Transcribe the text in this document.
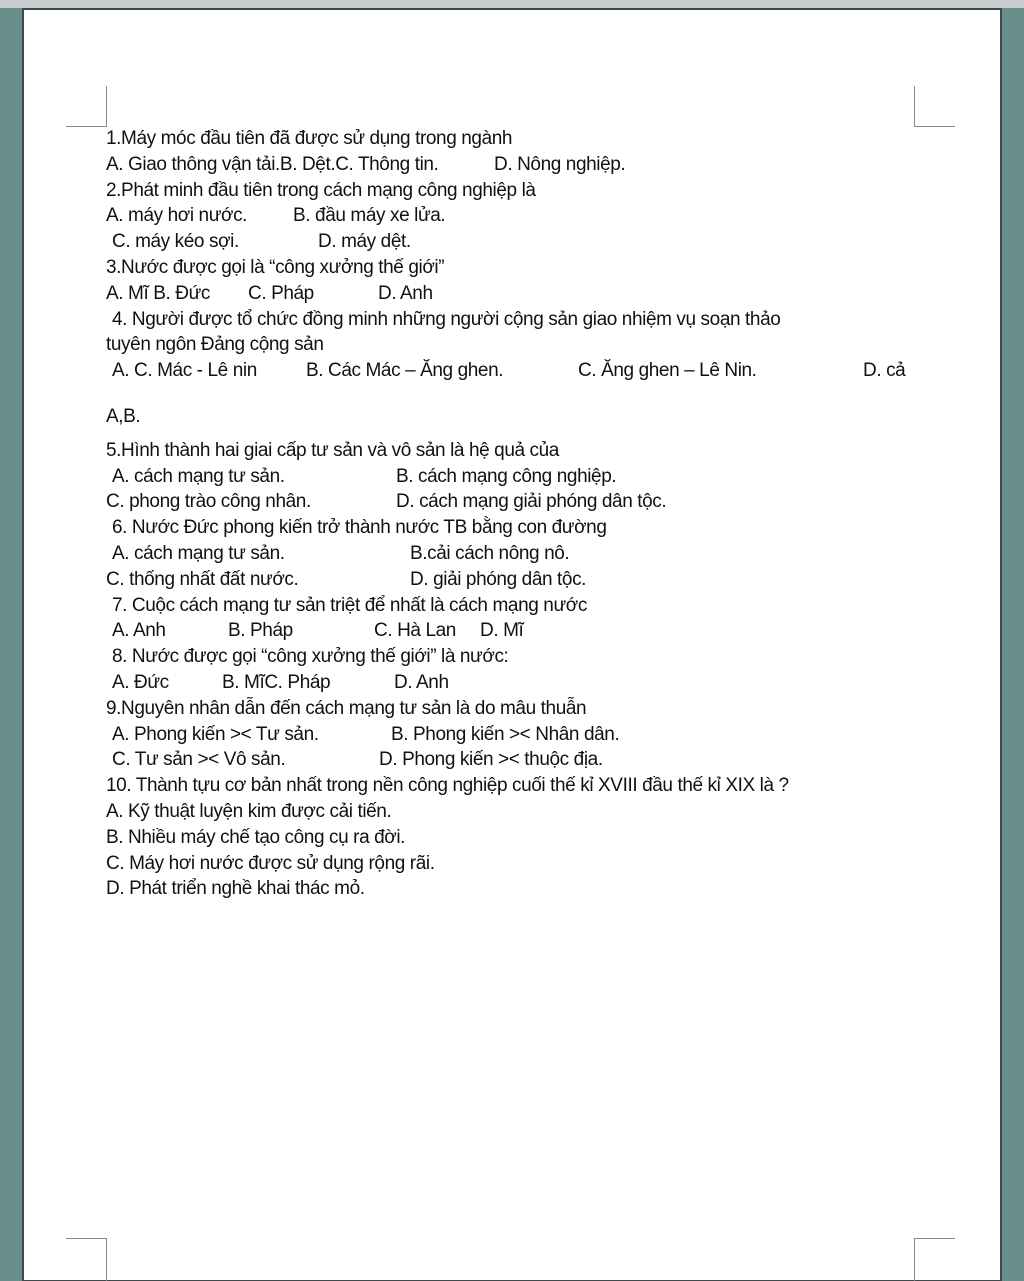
1.Máy móc đầu tiên đã được sử dụng trong ngành
A. Giao thông vận tải.B. Dệt.C. Thông tin.	D. Nông nghiệp.
2.Phát minh đầu tiên trong cách mạng công nghiệp là
A. máy hơi nước. B. đầu máy xe lửa.
C. máy kéo sợi.	D. máy dệt.
3.Nước được gọi là “công xưởng thế giới”
A. Mĩ B. Đức C. Pháp	D. Anh
4. Người được tổ chức đồng minh những người cộng sản giao nhiệm vụ soạn thảo
tuyên ngôn Đảng cộng sản
A. C. Mác - Lê nin	B. Các Mác – Ăng ghen.	C. Ăng ghen – Lê Nin.	D. cả
A,B.
5.Hình thành hai giai cấp tư sản và vô sản là hệ quả của
A. cách mạng tư sản.	B. cách mạng công nghiệp.
C. phong trào công nhân.	D. cách mạng giải phóng dân tộc.
6. Nước Đức phong kiến trở thành nước TB bằng con đường
A. cách mạng tư sản.	B.cải cách nông nô.
C. thống nhất đất nước.	D. giải phóng dân tộc.
7. Cuộc cách mạng tư sản triệt để nhất là cách mạng nước
A. Anh	B. Pháp	C. Hà Lan D. Mĩ
8. Nước được gọi “công xưởng thế giới” là nước:
A. Đức	B. MĩC. Pháp	D. Anh
9.Nguyên nhân dẫn đến cách mạng tư sản là do mâu thuẫn
A. Phong kiến >< Tư sản.	B. Phong kiến >< Nhân dân.
C. Tư sản >< Vô sản.	D. Phong kiến >< thuộc địa.
10. Thành tựu cơ bản nhất trong nền công nghiệp cuối thế kỉ XVIII đầu thế kỉ XIX là ?
A. Kỹ thuật luyện kim được cải tiến.
B. Nhiều máy chế tạo công cụ ra đời.
C. Máy hơi nước được sử dụng rộng rãi.
D. Phát triển nghề khai thác mỏ.
